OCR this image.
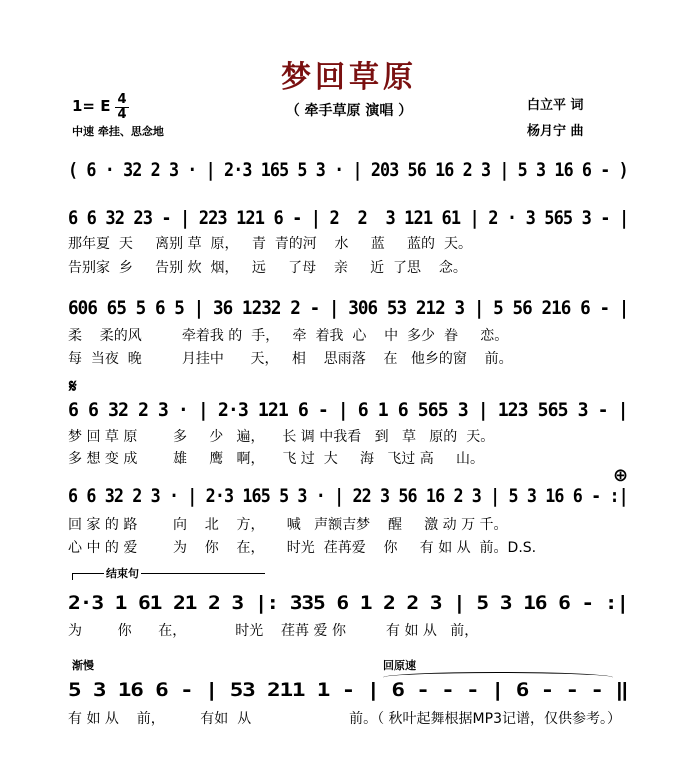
梦回草原
（ 牵手草原 演唱 ）
1= E 4
4
中速 牵挂、思念地
白立平 词
杨月宁 曲
( 6 · 32 2 3 · | 2·3 165 5 3 · | 203 56 16 2 3 | 5 3 16 6 - )
6 6 32 23 - | 223 121 6 - | 2  2  3 121 61 | 2 · 3 565 3 - |
那年夏  天     离别 草  原，   青  青的河    水     蓝     蓝的  天。
告别家  乡     告别 炊  烟，   远     了母    亲     近  了思    念。
606 65 5 6 5 | 36 1232 2 - | 306 53 212 3 | 5 56 216 6 - |
柔    柔的风         牵着我 的  手，   牵  着我  心    中  多少  眷     恋。
每  当夜  晚         月挂中      天，   相    思雨落    在   他乡的窗    前。
𝄋
6 6 32 2 3 · | 2·3 121 6 - | 6 1 6 565 3 | 123 565 3 - |
梦 回 草 原        多     少   遍，    长 调 中我看   到   草   原的  天。
多 想 变 成        雄     鹰   啊，    飞 过  大     海   飞过 高     山。
⊕
6 6 32 2 3 · | 2·3 165 5 3 · | 22 3 56 16 2 3 | 5 3 16 6 - :|
回 家 的 路        向    北    方，     喊   声额吉梦    醒     激 动 万 千。
心 中 的 爱        为    你    在，     时光  荏苒爱    你     有 如 从  前。D.S.
结束句
2·3 1 61 21 2 3 |: 335 6 1 2 2 3 | 5 3 16 6 - :|
为        你      在，           时光    荏苒 爱 你         有 如 从   前，
渐慢	回原速
5 3 16 6 - | 53 211 1 - | 6 - - - | 6 - - - ‖
有 如 从    前，        有如  从                      前。（ 秋叶起舞根据MP3记谱，仅供参考。）
